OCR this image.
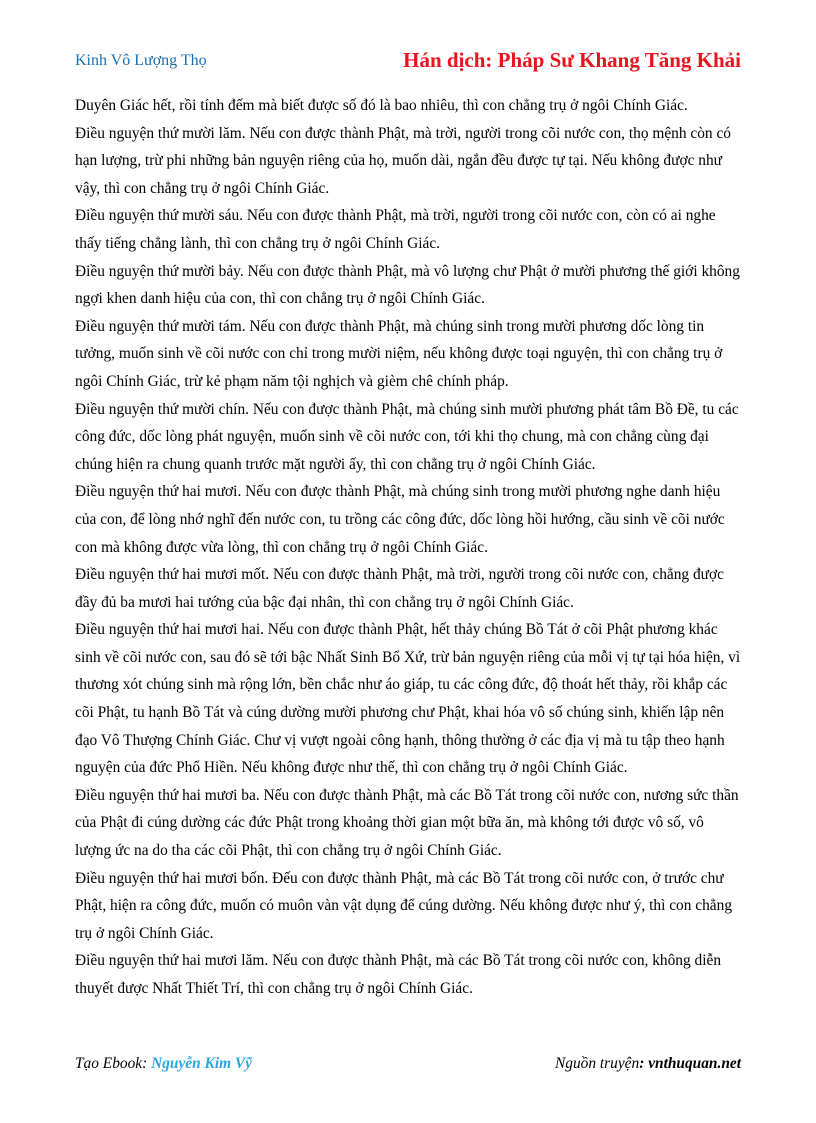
Kinh Vô Lượng Thọ	Hán dịch: Pháp Sư Khang Tăng Khải

Duyên Giác hết, rồi tính đếm mà biết được số đó là bao nhiêu, thì con chẳng trụ ở ngôi Chính Giác.

Điều nguyện thứ mười lăm. Nếu con được thành Phật, mà trời, người trong cõi nước con, thọ mệnh còn có hạn lượng, trừ phi những bản nguyện riêng của họ, muốn dài, ngắn đều được tự tại. Nếu không được như vậy, thì con chẳng trụ ở ngôi Chính Giác.

Điều nguyện thứ mười sáu. Nếu con được thành Phật, mà trời, người trong cõi nước con, còn có ai nghe thấy tiếng chẳng lành, thì con chẳng trụ ở ngôi Chính Giác.

Điều nguyện thứ mười bảy. Nếu con được thành Phật, mà vô lượng chư Phật ở mười phương thế giới không ngợi khen danh hiệu của con, thì con chẳng trụ ở ngôi Chính Giác.

Điều nguyện thứ mười tám. Nếu con được thành Phật, mà chúng sinh trong mười phương dốc lòng tin tưởng, muốn sinh về cõi nước con chỉ trong mười niệm, nếu không được toại nguyện, thì con chẳng trụ ở ngôi Chính Giác, trừ kẻ phạm năm tội nghịch và gièm chê chính pháp.

Điều nguyện thứ mười chín. Nếu con được thành Phật, mà chúng sinh mười phương phát tâm Bồ Đề, tu các công đức, dốc lòng phát nguyện, muốn sinh về cõi nước con, tới khi thọ chung, mà con chẳng cùng đại chúng hiện ra chung quanh trước mặt người ấy, thì con chẳng trụ ở ngôi Chính Giác.

Điều nguyện thứ hai mươi. Nếu con được thành Phật, mà chúng sinh trong mười phương nghe danh hiệu của con, để lòng nhớ nghĩ đến nước con, tu trồng các công đức, dốc lòng hồi hướng, cầu sinh về cõi nước con mà không được vừa lòng, thì con chẳng trụ ở ngôi Chính Giác.

Điều nguyện thứ hai mươi mốt. Nếu con được thành Phật, mà trời, người trong cõi nước con, chẳng được đầy đủ ba mươi hai tướng của bậc đại nhân, thì con chẳng trụ ở ngôi Chính Giác.

Điều nguyện thứ hai mươi hai. Nếu con được thành Phật, hết thảy chúng Bồ Tát ở cõi Phật phương khác sinh về cõi nước con, sau đó sẽ tới bậc Nhất Sinh Bổ Xứ, trừ bản nguyện riêng của mỗi vị tự tại hóa hiện, vì thương xót chúng sinh mà rộng lớn, bền chắc như áo giáp, tu các công đức, độ thoát hết thảy, rồi khắp các cõi Phật, tu hạnh Bồ Tát và cúng dường mười phương chư Phật, khai hóa vô số chúng sinh, khiến lập nên đạo Vô Thượng Chính Giác. Chư vị vượt ngoài công hạnh, thông thường ở các địa vị mà tu tập theo hạnh nguyện của đức Phổ Hiền. Nếu không được như thế, thì con chẳng trụ ở ngôi Chính Giác.

Điều nguyện thứ hai mươi ba. Nếu con được thành Phật, mà các Bồ Tát trong cõi nước con, nương sức thần của Phật đi cúng dường các đức Phật trong khoảng thời gian một bữa ăn, mà không tới được vô số, vô lượng ức na do tha các cõi Phật, thì con chẳng trụ ở ngôi Chính Giác.

Điều nguyện thứ hai mươi bốn. Đếu con được thành Phật, mà các Bồ Tát trong cõi nước con, ở trước chư Phật, hiện ra công đức, muốn có muôn vàn vật dụng để cúng dường. Nếu không được như ý, thì con chẳng trụ ở ngôi Chính Giác.

Điều nguyện thứ hai mươi lăm. Nếu con được thành Phật, mà các Bồ Tát trong cõi nước con, không diễn thuyết được Nhất Thiết Trí, thì con chẳng trụ ở ngôi Chính Giác.

Tạo Ebook: Nguyễn Kim Vỹ	Nguồn truyện: vnthuquan.net
